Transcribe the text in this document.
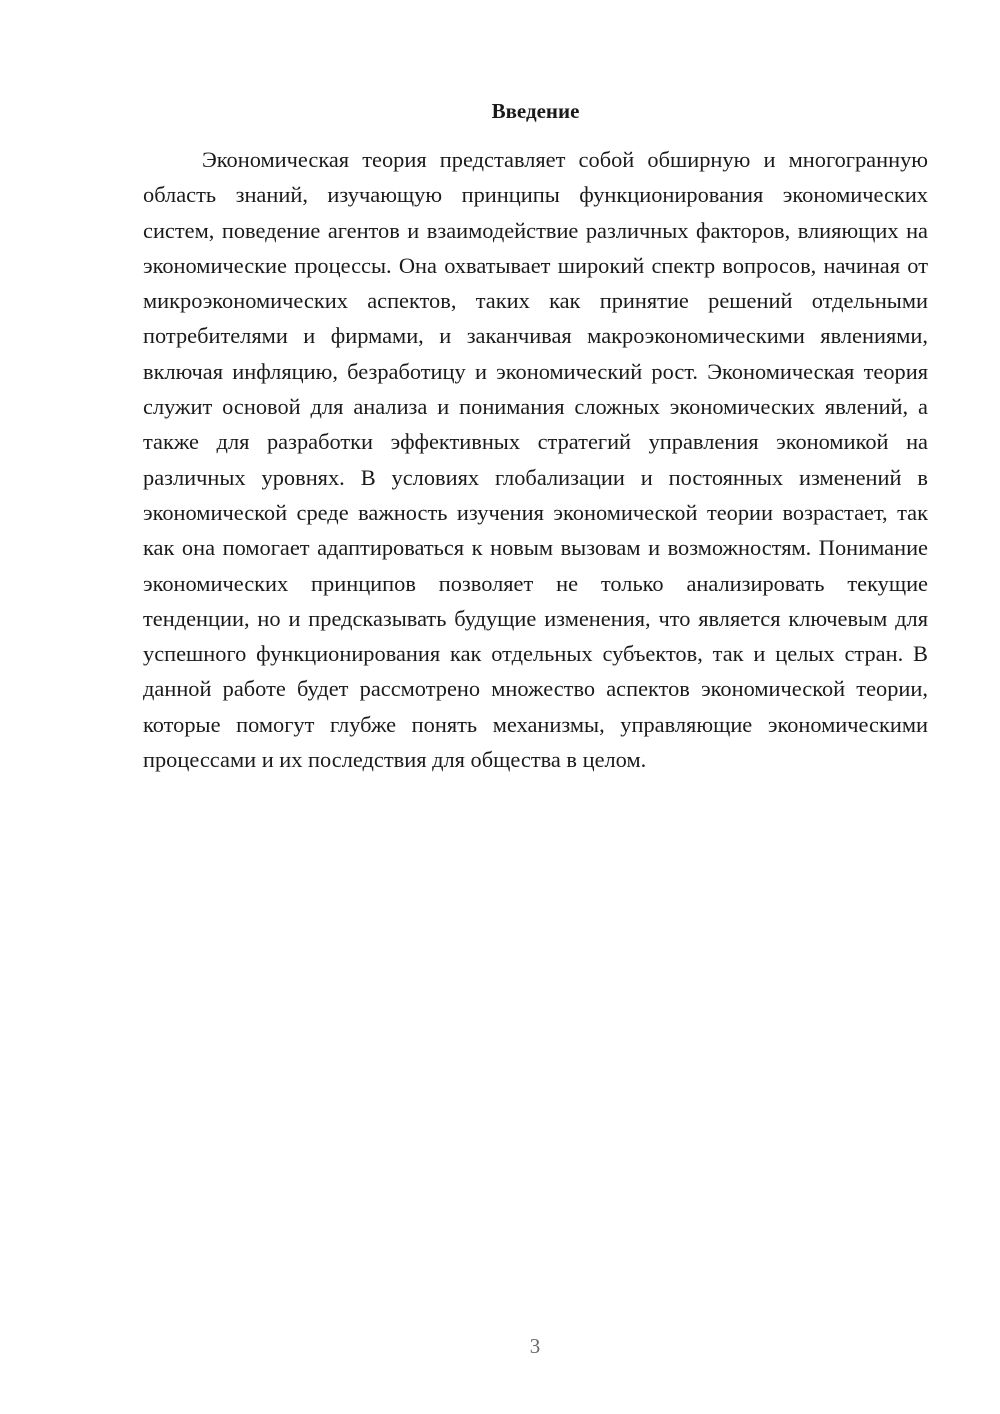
Введение

Экономическая теория представляет собой обширную и многогранную область знаний, изучающую принципы функционирования экономических систем, поведение агентов и взаимодействие различных факторов, влияющих на экономические процессы. Она охватывает широкий спектр вопросов, начиная от микроэкономических аспектов, таких как принятие решений отдельными потребителями и фирмами, и заканчивая макроэкономическими явлениями, включая инфляцию, безработицу и экономический рост. Экономическая теория служит основой для анализа и понимания сложных экономических явлений, а также для разработки эффективных стратегий управления экономикой на различных уровнях. В условиях глобализации и постоянных изменений в экономической среде важность изучения экономической теории возрастает, так как она помогает адаптироваться к новым вызовам и возможностям. Понимание экономических принципов позволяет не только анализировать текущие тенденции, но и предсказывать будущие изменения, что является ключевым для успешного функционирования как отдельных субъектов, так и целых стран. В данной работе будет рассмотрено множество аспектов экономической теории, которые помогут глубже понять механизмы, управляющие экономическими процессами и их последствия для общества в целом.

3
